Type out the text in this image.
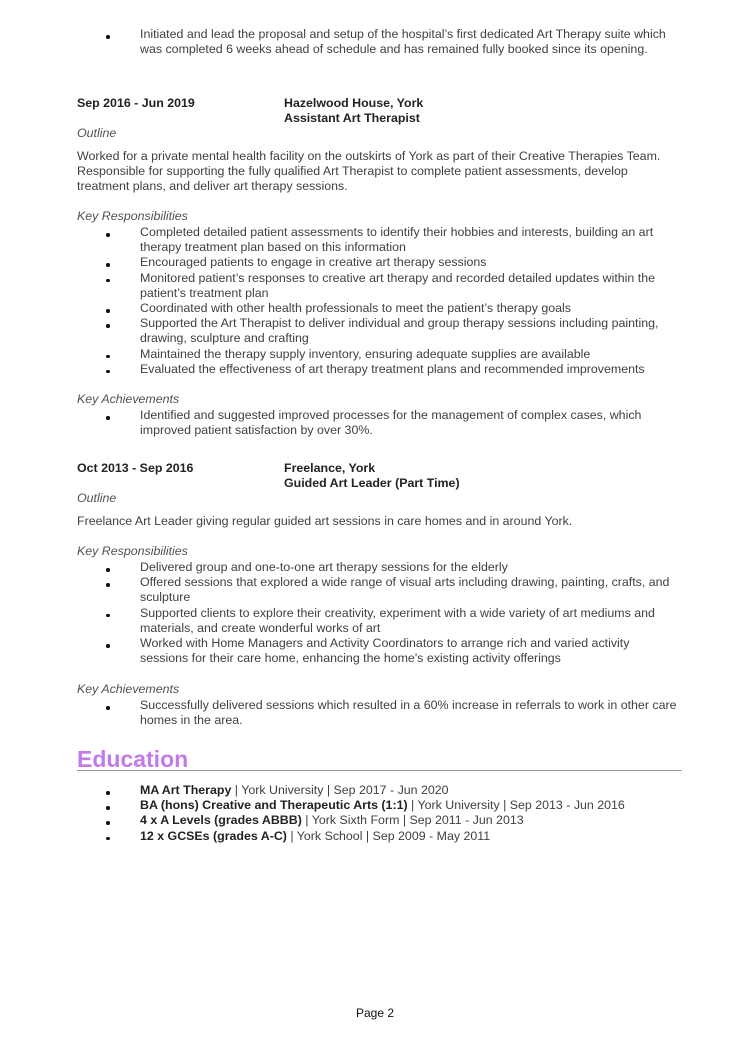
Initiated and lead the proposal and setup of the hospital’s first dedicated Art Therapy suite which was completed 6 weeks ahead of schedule and has remained fully booked since its opening.
Sep 2016 - Jun 2019	Hazelwood House, York
Assistant Art Therapist
Outline
Worked for a private mental health facility on the outskirts of York as part of their Creative Therapies Team. Responsible for supporting the fully qualified Art Therapist to complete patient assessments, develop treatment plans, and deliver art therapy sessions.
Key Responsibilities
Completed detailed patient assessments to identify their hobbies and interests, building an art therapy treatment plan based on this information
Encouraged patients to engage in creative art therapy sessions
Monitored patient’s responses to creative art therapy and recorded detailed updates within the patient’s treatment plan
Coordinated with other health professionals to meet the patient’s therapy goals
Supported the Art Therapist to deliver individual and group therapy sessions including painting, drawing, sculpture and crafting
Maintained the therapy supply inventory, ensuring adequate supplies are available
Evaluated the effectiveness of art therapy treatment plans and recommended improvements
Key Achievements
Identified and suggested improved processes for the management of complex cases, which improved patient satisfaction by over 30%.
Oct 2013 - Sep 2016	Freelance, York
Guided Art Leader (Part Time)
Outline
Freelance Art Leader giving regular guided art sessions in care homes and in around York.
Key Responsibilities
Delivered group and one-to-one art therapy sessions for the elderly
Offered sessions that explored a wide range of visual arts including drawing, painting, crafts, and sculpture
Supported clients to explore their creativity, experiment with a wide variety of art mediums and materials, and create wonderful works of art
Worked with Home Managers and Activity Coordinators to arrange rich and varied activity sessions for their care home, enhancing the home's existing activity offerings
Key Achievements
Successfully delivered sessions which resulted in a 60% increase in referrals to work in other care homes in the area.
Education
MA Art Therapy | York University | Sep 2017 - Jun 2020
BA (hons) Creative and Therapeutic Arts (1:1) | York University | Sep 2013 - Jun 2016
4 x A Levels (grades ABBB) | York Sixth Form | Sep 2011 - Jun 2013
12 x GCSEs (grades A-C) | York School | Sep 2009 - May 2011
Page 2
